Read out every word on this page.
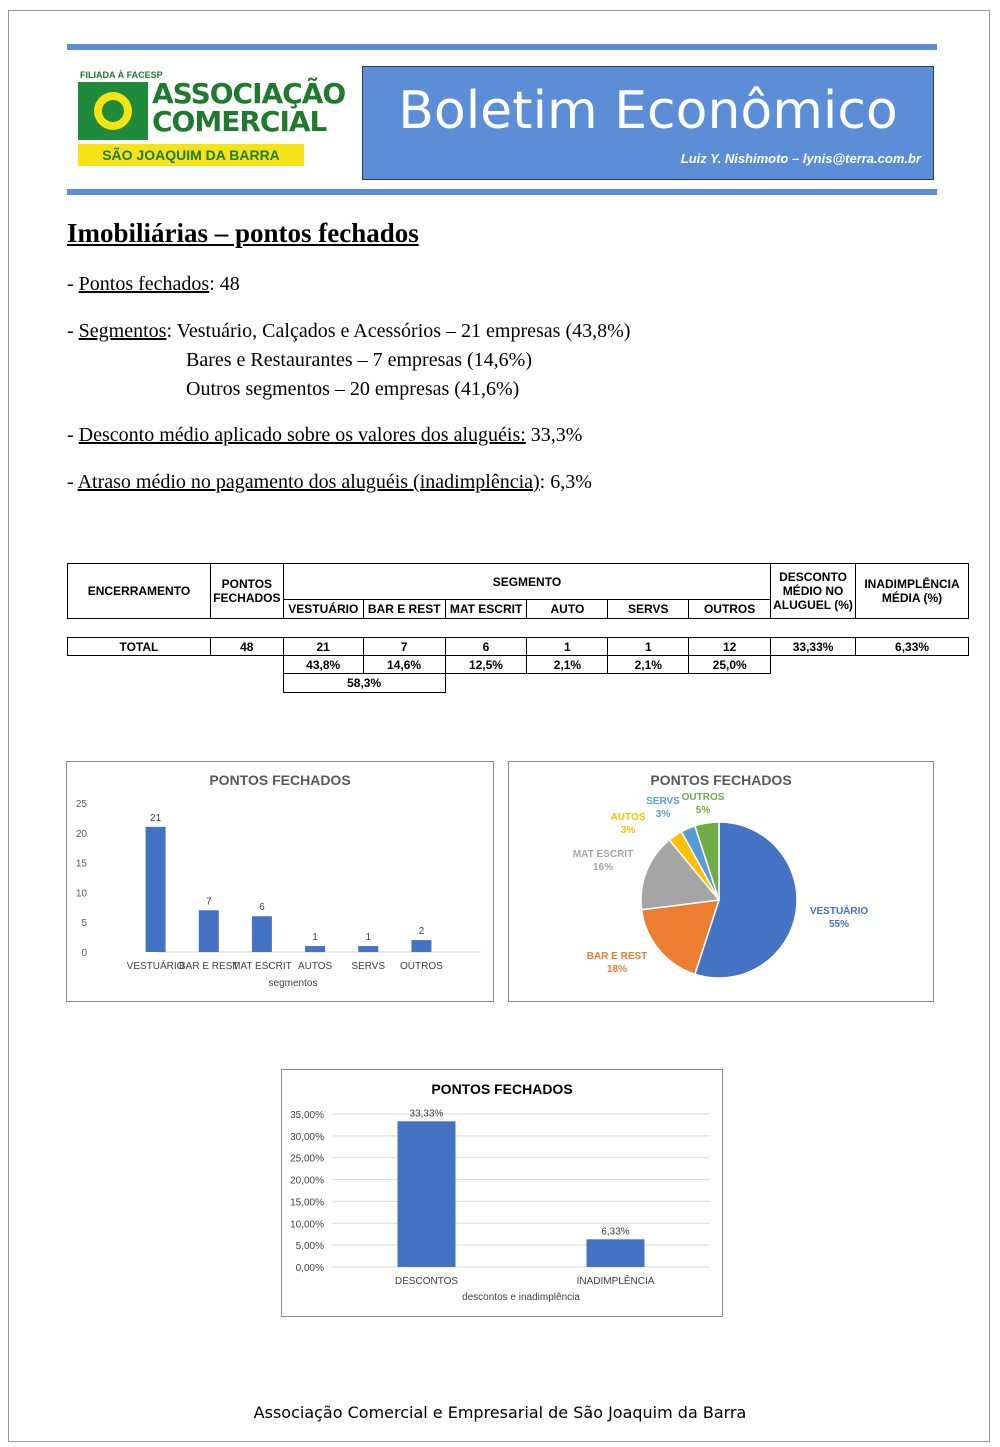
FILIADA À FACESP
ASSOCIAÇÃO
COMERCIAL
SÃO JOAQUIM DA BARRA
Boletim Econômico
Luiz Y. Nishimoto – lynis@terra.com.br
Imobiliárias – pontos fechados
- Pontos fechados: 48
- Segmentos: Vestuário, Calçados e Acessórios – 21 empresas (43,8%)
Bares e Restaurantes – 7 empresas (14,6%)
Outros segmentos – 20 empresas (41,6%)
- Desconto médio aplicado sobre os valores dos aluguéis: 33,3%
- Atraso médio no pagamento dos aluguéis (inadimplência): 6,3%
ENCERRAMENTO	PONTOS FECHADOS	SEGMENTO						DESCONTO MÉDIO NO ALUGUEL (%)	INADIMPLÊNCIA MÉDIA (%)
		VESTUÁRIO	BAR E REST	MAT ESCRIT	AUTO	SERVS	OUTROS		
TOTAL	48	21	7	6	1	1	12	33,33%	6,33%
		43,8%	14,6%	12,5%	2,1%	2,1%	25,0%		
		58,3%							
PONTOS FECHADOS
0
5
10
15
20
25
21
VESTUÁRIO
7
BAR E REST
6
MAT ESCRIT
1
AUTOS
1
SERVS
2
OUTROS
segmentos
PONTOS FECHADOS
VESTUÁRIO
55%
BAR E REST
18%
MAT ESCRIT
16%
AUTOS
3%
SERVS
3%
OUTROS
5%
PONTOS FECHADOS
0,00%
5,00%
10,00%
15,00%
20,00%
25,00%
30,00%
35,00%	33,33%
DESCONTOS
6,33%
INADIMPLÊNCIA
descontos e inadimplência
Associação Comercial e Empresarial de São Joaquim da Barra
